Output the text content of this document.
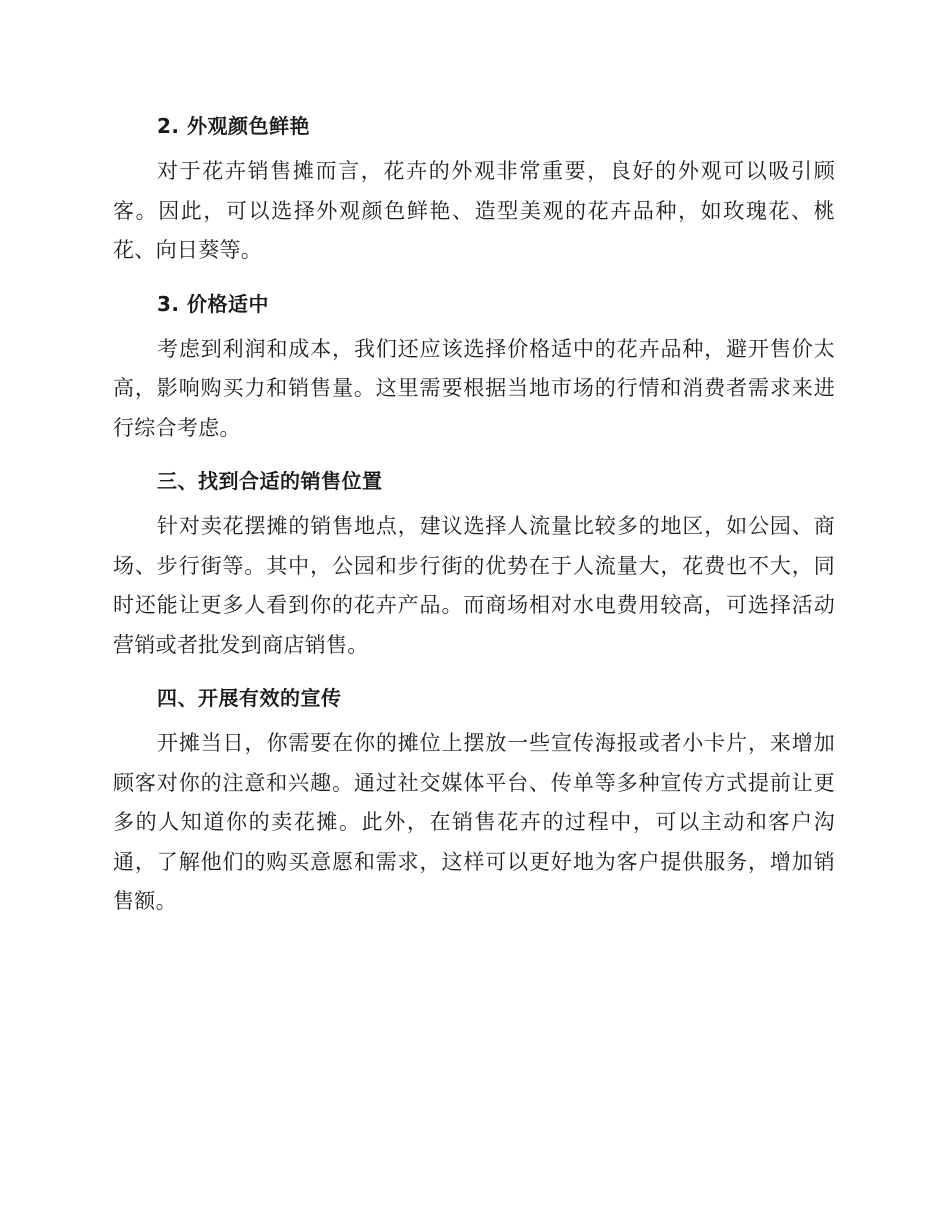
2. 外观颜色鲜艳

对于花卉销售摊而言，花卉的外观非常重要，良好的外观可以吸引顾客。因此，可以选择外观颜色鲜艳、造型美观的花卉品种，如玫瑰花、桃花、向日葵等。

3. 价格适中

考虑到利润和成本，我们还应该选择价格适中的花卉品种，避开售价太高，影响购买力和销售量。这里需要根据当地市场的行情和消费者需求来进行综合考虑。

三、找到合适的销售位置

针对卖花摆摊的销售地点，建议选择人流量比较多的地区，如公园、商场、步行街等。其中，公园和步行街的优势在于人流量大，花费也不大，同时还能让更多人看到你的花卉产品。而商场相对水电费用较高，可选择活动营销或者批发到商店销售。

四、开展有效的宣传

开摊当日，你需要在你的摊位上摆放一些宣传海报或者小卡片，来增加顾客对你的注意和兴趣。通过社交媒体平台、传单等多种宣传方式提前让更多的人知道你的卖花摊。此外，在销售花卉的过程中，可以主动和客户沟通，了解他们的购买意愿和需求，这样可以更好地为客户提供服务，增加销售额。
